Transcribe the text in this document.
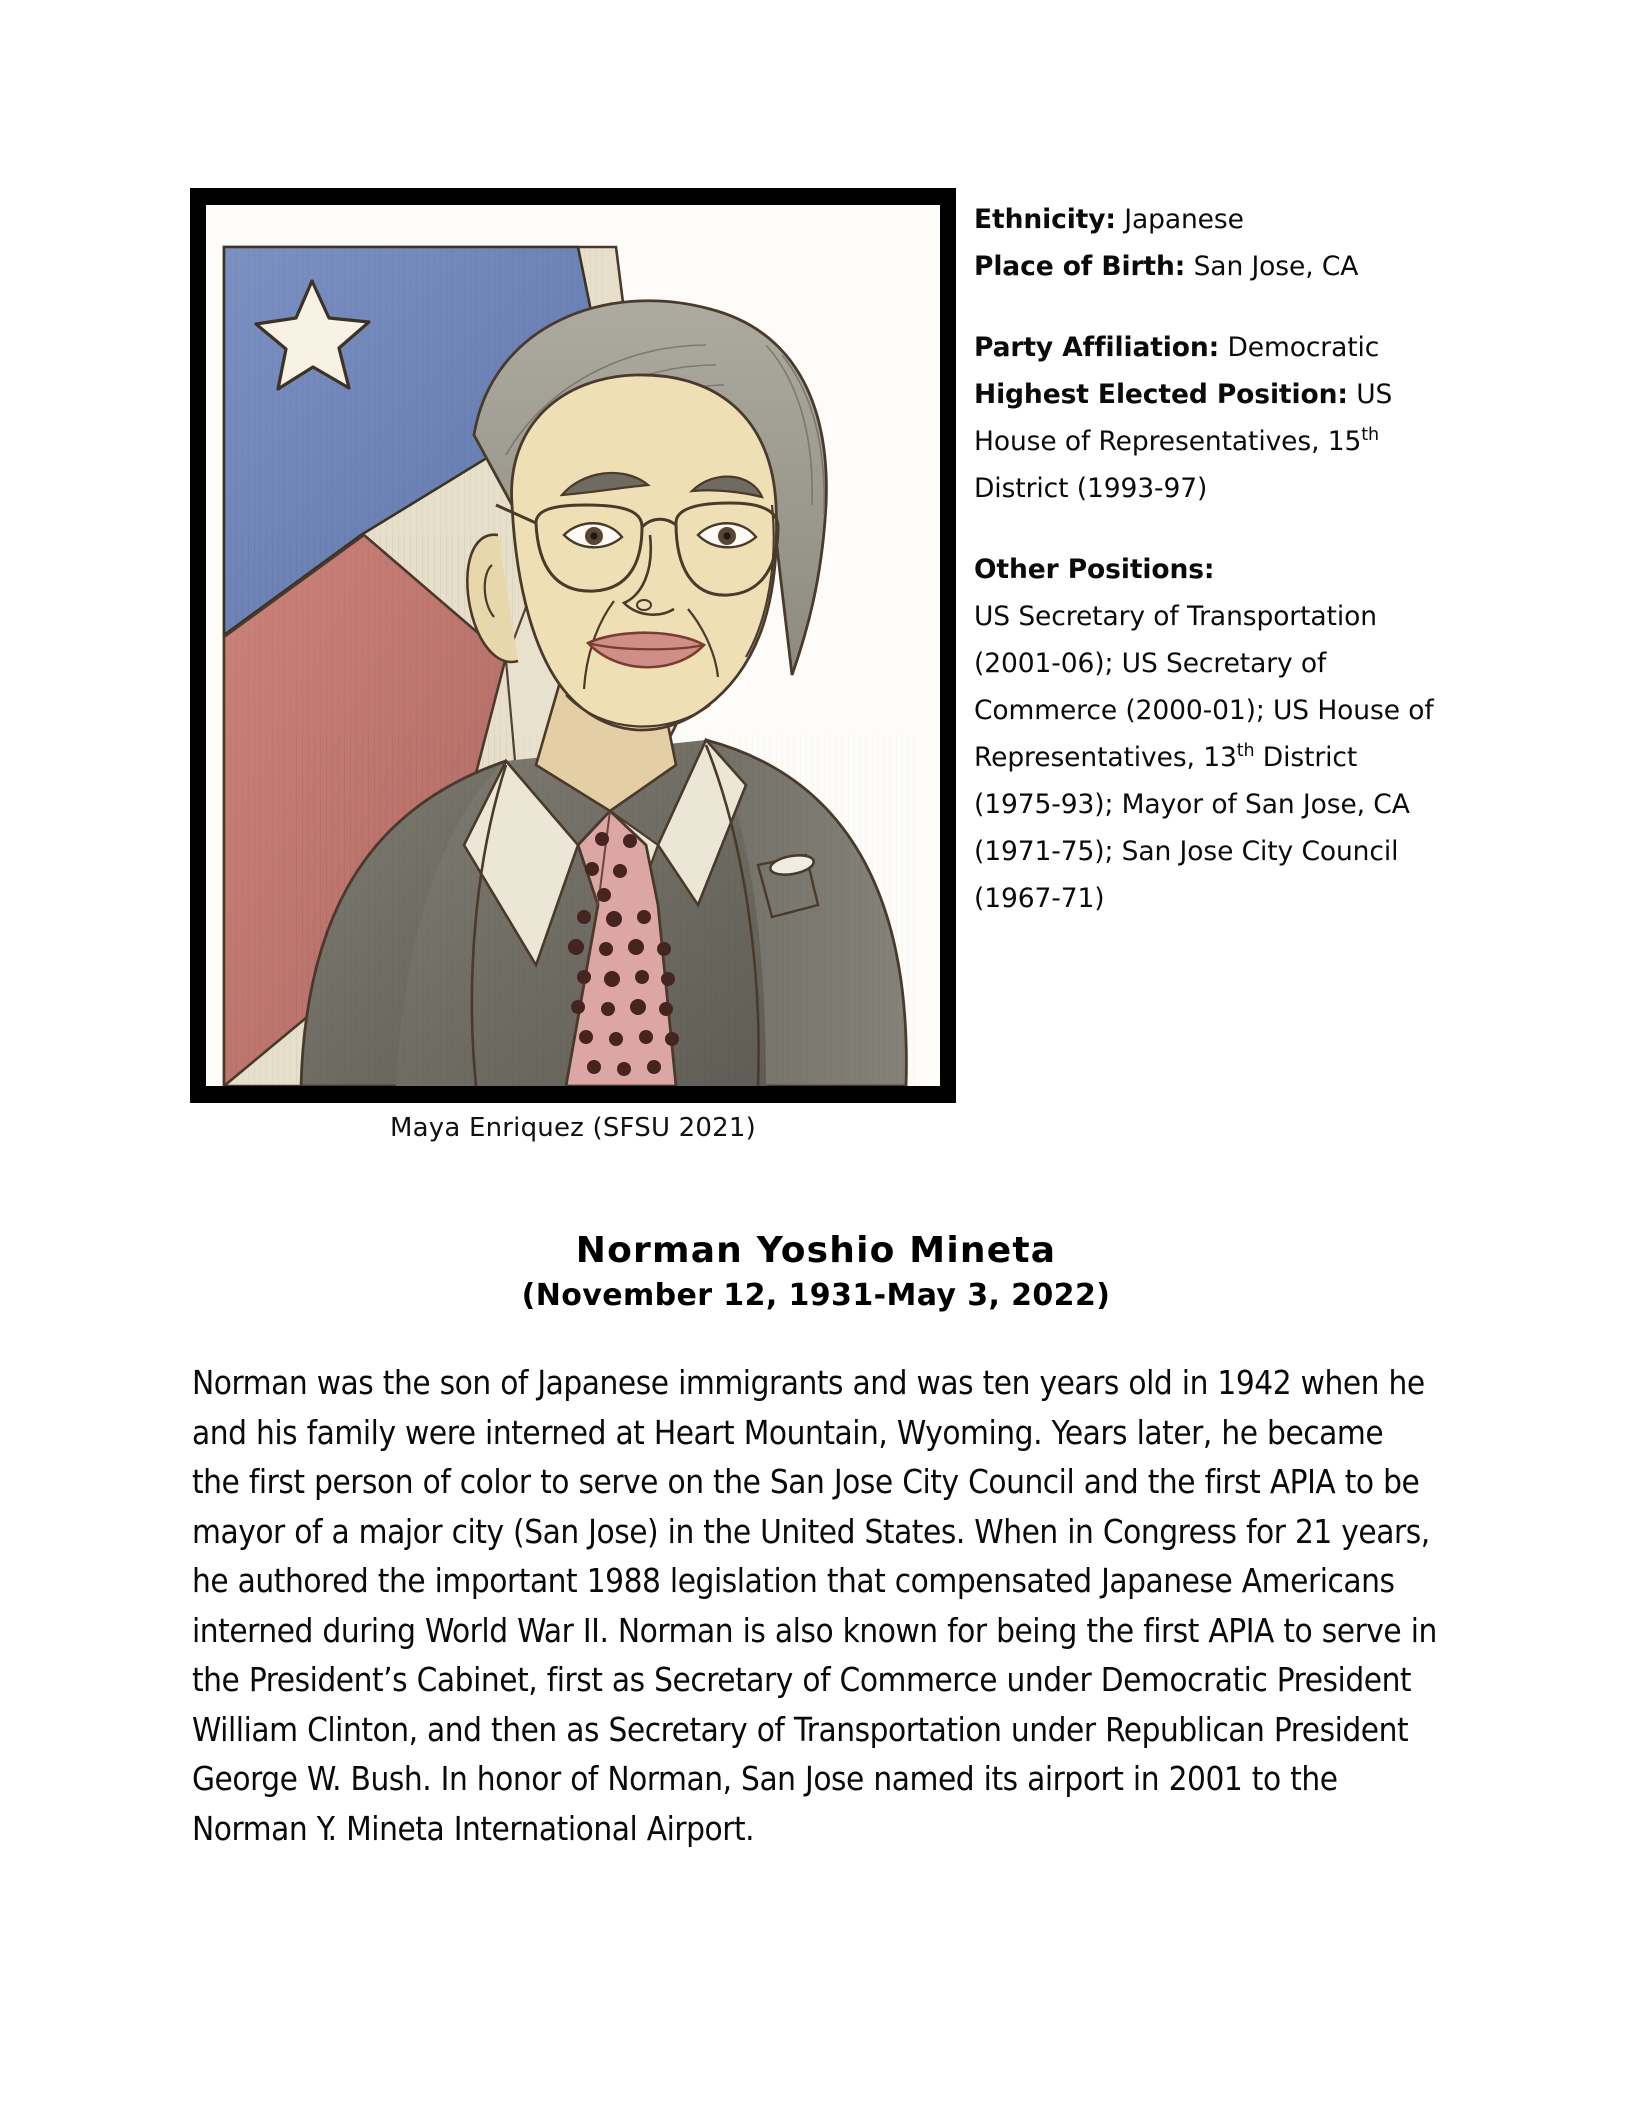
Maya Enriquez (SFSU 2021)
Ethnicity: Japanese
Place of Birth: San Jose, CA
Party Affiliation: Democratic
Highest Elected Position: US House of Representatives, 15th District (1993-97)
Other Positions:
US Secretary of Transportation (2001-06); US Secretary of Commerce (2000-01); US House of Representatives, 13th District (1975-93); Mayor of San Jose, CA (1971-75); San Jose City Council (1967-71)
Norman Yoshio Mineta
(November 12, 1931-May 3, 2022)
Norman was the son of Japanese immigrants and was ten years old in 1942 when he and his family were interned at Heart Mountain, Wyoming. Years later, he became the first person of color to serve on the San Jose City Council and the first APIA to be mayor of a major city (San Jose) in the United States. When in Congress for 21 years, he authored the important 1988 legislation that compensated Japanese Americans interned during World War II. Norman is also known for being the first APIA to serve in the President’s Cabinet, first as Secretary of Commerce under Democratic President William Clinton, and then as Secretary of Transportation under Republican President George W. Bush. In honor of Norman, San Jose named its airport in 2001 to the Norman Y. Mineta International Airport.
